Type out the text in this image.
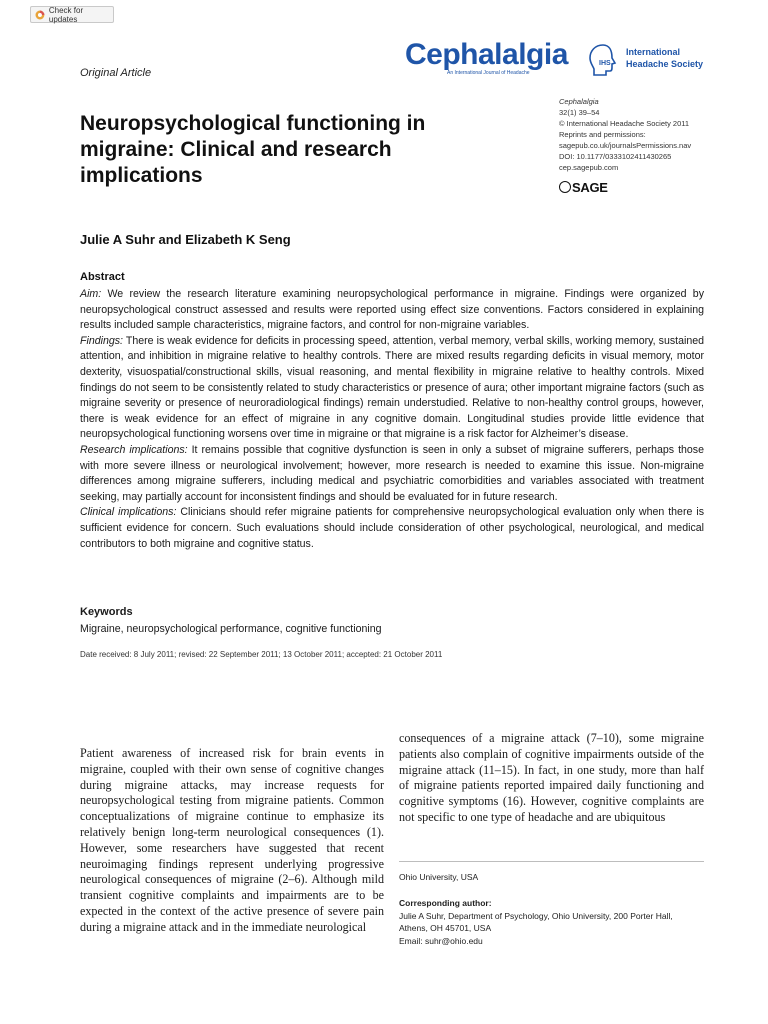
Check for updates
Original Article
Cephalalgia
An International Journal of Headache
IHS
International
Headache Society
Cephalalgia
32(1) 39–54
© International Headache Society 2011
Reprints and permissions:
sagepub.co.uk/journalsPermissions.nav
DOI: 10.1177/0333102411430265
cep.sagepub.com
SAGE
Neuropsychological functioning in
migraine: Clinical and research
implications
Julie A Suhr and Elizabeth K Seng
Abstract

Aim: We review the research literature examining neuropsychological performance in migraine. Findings were organized by neuropsychological construct assessed and results were reported using effect size conventions. Factors considered in explaining results included sample characteristics, migraine factors, and control for non-migraine variables.

Findings: There is weak evidence for deficits in processing speed, attention, verbal memory, verbal skills, working memory, sustained attention, and inhibition in migraine relative to healthy controls. There are mixed results regarding deficits in visual memory, motor dexterity, visuospatial/constructional skills, visual reasoning, and mental flexibility in migraine relative to healthy controls. Mixed findings do not seem to be consistently related to study characteristics or presence of aura; other important migraine factors (such as migraine severity or presence of neuroradiological findings) remain understudied. Relative to non-healthy control groups, however, there is weak evidence for an effect of migraine in any cognitive domain. Longitudinal studies provide little evidence that neuropsychological functioning worsens over time in migraine or that migraine is a risk factor for Alzheimer’s disease.

Research implications: It remains possible that cognitive dysfunction is seen in only a subset of migraine sufferers, perhaps those with more severe illness or neurological involvement; however, more research is needed to examine this issue. Non-migraine differences among migraine sufferers, including medical and psychiatric comorbidities and variables associated with treatment seeking, may partially account for inconsistent findings and should be evaluated for in future research.

Clinical implications: Clinicians should refer migraine patients for comprehensive neuropsychological evaluation only when there is sufficient evidence for concern. Such evaluations should include consideration of other psychological, neurological, and medical contributors to both migraine and cognitive status.

Keywords
Migraine, neuropsychological performance, cognitive functioning
Date received: 8 July 2011; revised: 22 September 2011; 13 October 2011; accepted: 21 October 2011
Patient awareness of increased risk for brain events in migraine, coupled with their own sense of cognitive changes during migraine attacks, may increase requests for neuropsychological testing from migraine patients. Common conceptualizations of migraine continue to emphasize its relatively benign long-term neurological consequences (1). However, some researchers have suggested that recent neuroimaging findings represent underlying progressive neurological consequences of migraine (2–6). Although mild transient cognitive complaints and impairments are to be expected in the context of the active presence of severe pain during a migraine attack and in the immediate neurological
consequences of a migraine attack (7–10), some migraine patients also complain of cognitive impairments outside of the migraine attack (11–15). In fact, in one study, more than half of migraine patients reported impaired daily functioning and cognitive symptoms (16). However, cognitive complaints are not specific to one type of headache and are ubiquitous
Ohio University, USA
Corresponding author:
Julie A Suhr, Department of Psychology, Ohio University, 200 Porter Hall,
Athens, OH 45701, USA
Email: suhr@ohio.edu
